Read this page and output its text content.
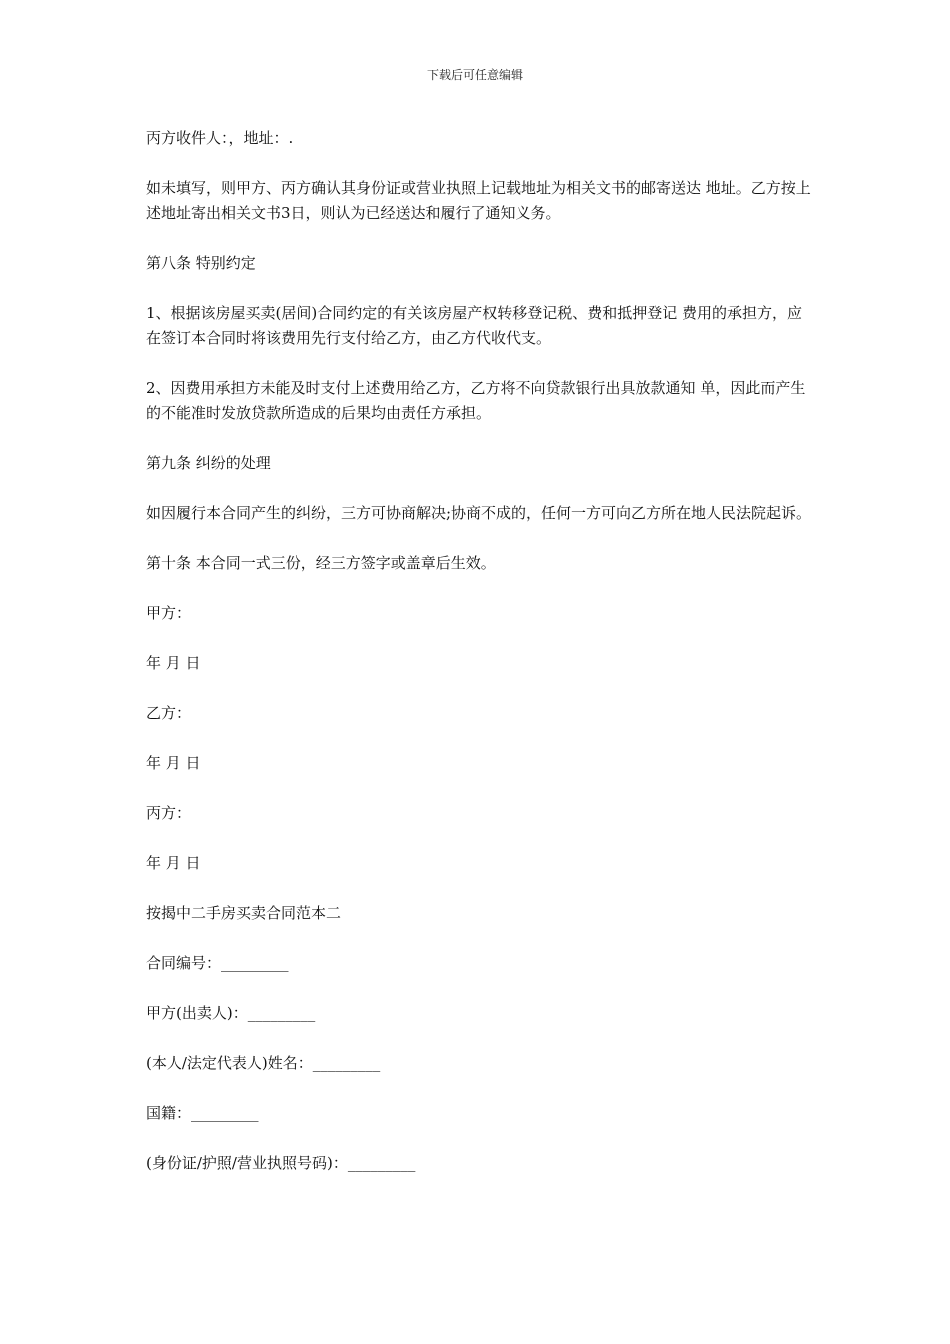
下载后可任意编辑

丙方收件人：，地址：.

如未填写，则甲方、丙方确认其身份证或营业执照上记载地址为相关文书的邮寄送达 地址。乙方按上述地址寄出相关文书3日，则认为已经送达和履行了通知义务。

第八条 特别约定

1、根据该房屋买卖(居间)合同约定的有关该房屋产权转移登记税、费和抵押登记 费用的承担方，应在签订本合同时将该费用先行支付给乙方，由乙方代收代支。

2、因费用承担方未能及时支付上述费用给乙方，乙方将不向贷款银行出具放款通知 单，因此而产生的不能准时发放贷款所造成的后果均由责任方承担。

第九条 纠纷的处理

如因履行本合同产生的纠纷，三方可协商解决;协商不成的，任何一方可向乙方所在地人民法院起诉。

第十条 本合同一式三份，经三方签字或盖章后生效。

甲方：

年 月 日

乙方：

年 月 日

丙方：

年 月 日

按揭中二手房买卖合同范本二

合同编号：_________

甲方(出卖人)：_________

(本人/法定代表人)姓名：_________

国籍：_________

(身份证/护照/营业执照号码)：_________
